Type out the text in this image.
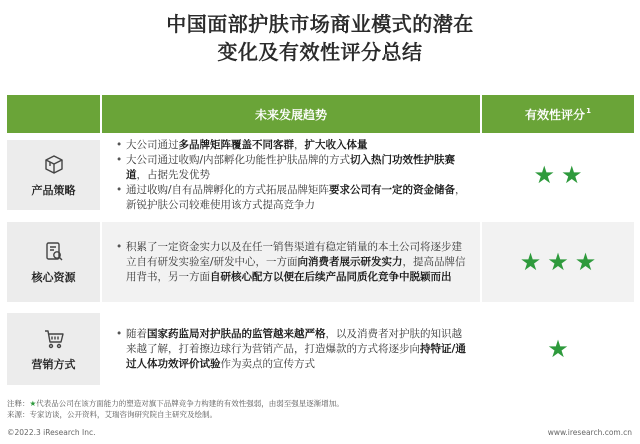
中国面部护肤市场商业模式的潜在
变化及有效性评分总结
未来发展趋势	有效性评分$^1$
产品策略
• 大公司通过多品牌矩阵覆盖不同客群，扩大收入体量
• 大公司通过收购/内部孵化功能性护肤品牌的方式切入热门功效性护肤赛道，占据先发优势
• 通过收购/自有品牌孵化的方式拓展品牌矩阵要求公司有一定的资金储备，新锐护肤公司较难使用该方式提高竞争力
★ ★
核心资源
• 积累了一定资金实力以及在任一销售渠道有稳定销量的本土公司将逐步建立自有研发实验室/研发中心，一方面向消费者展示研发实力，提高品牌信用背书，另一方面自研核心配方以便在后续产品同质化竞争中脱颖而出
★ ★ ★
营销方式
• 随着国家药监局对护肤品的监管越来越严格，以及消费者对护肤的知识越来越了解，打着擦边球行为营销产品，打造爆款的方式将逐步向持特证/通过人体功效评价试验作为卖点的宣传方式
★
注释：★代表品公司在该方面能力的塑造对旗下品牌竞争力构建的有效性强弱，由弱至强星逐渐增加。
来源：专家访谈，公开资料，艾瑞咨询研究院自主研究及绘制。
©2022.3 iResearch Inc.	www.iresearch.com.cn
